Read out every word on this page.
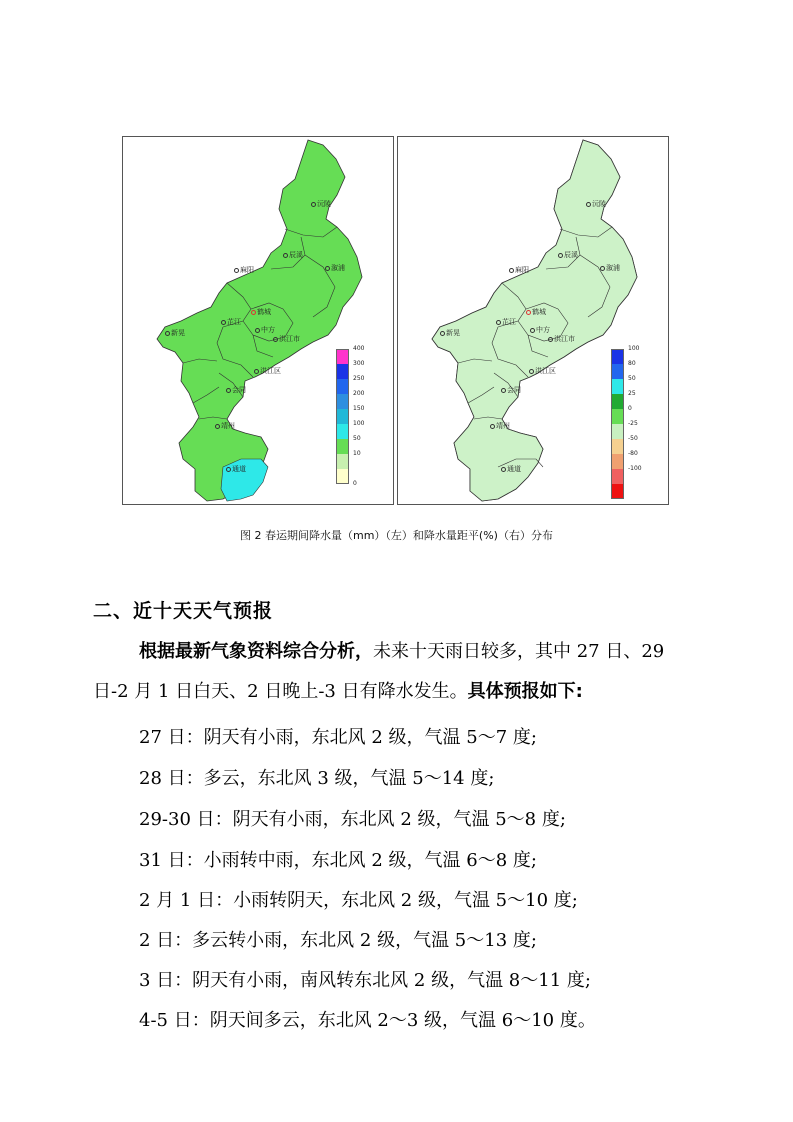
沅陵
辰溪
溆浦
麻阳
鹤城
芷江
中方
新晃
洪江市
洪江区
会同
靖州
通道
400
300
250
200
150
100
50
10
0
沅陵
辰溪
溆浦
麻阳
鹤城
芷江
中方
新晃
洪江市
洪江区
会同
靖州
通道
100
80
50
25
0
-25
-50
-80
-100
图 2 春运期间降水量（mm）（左）和降水量距平(%)（右）分布
二、近十天天气预报
根据最新气象资料综合分析，未来十天雨日较多，其中 27 日、29 日-2 月 1 日白天、2 日晚上-3 日有降水发生。具体预报如下:
27 日：阴天有小雨，东北风 2 级，气温 5～7 度;
28 日：多云，东北风 3 级，气温 5～14 度;
29-30 日：阴天有小雨，东北风 2 级，气温 5～8 度;
31 日：小雨转中雨，东北风 2 级，气温 6～8 度;
2 月 1 日：小雨转阴天，东北风 2 级，气温 5～10 度;
2 日：多云转小雨，东北风 2 级，气温 5～13 度;
3 日：阴天有小雨，南风转东北风 2 级，气温 8～11 度;
4-5 日：阴天间多云，东北风 2～3 级，气温 6～10 度。
